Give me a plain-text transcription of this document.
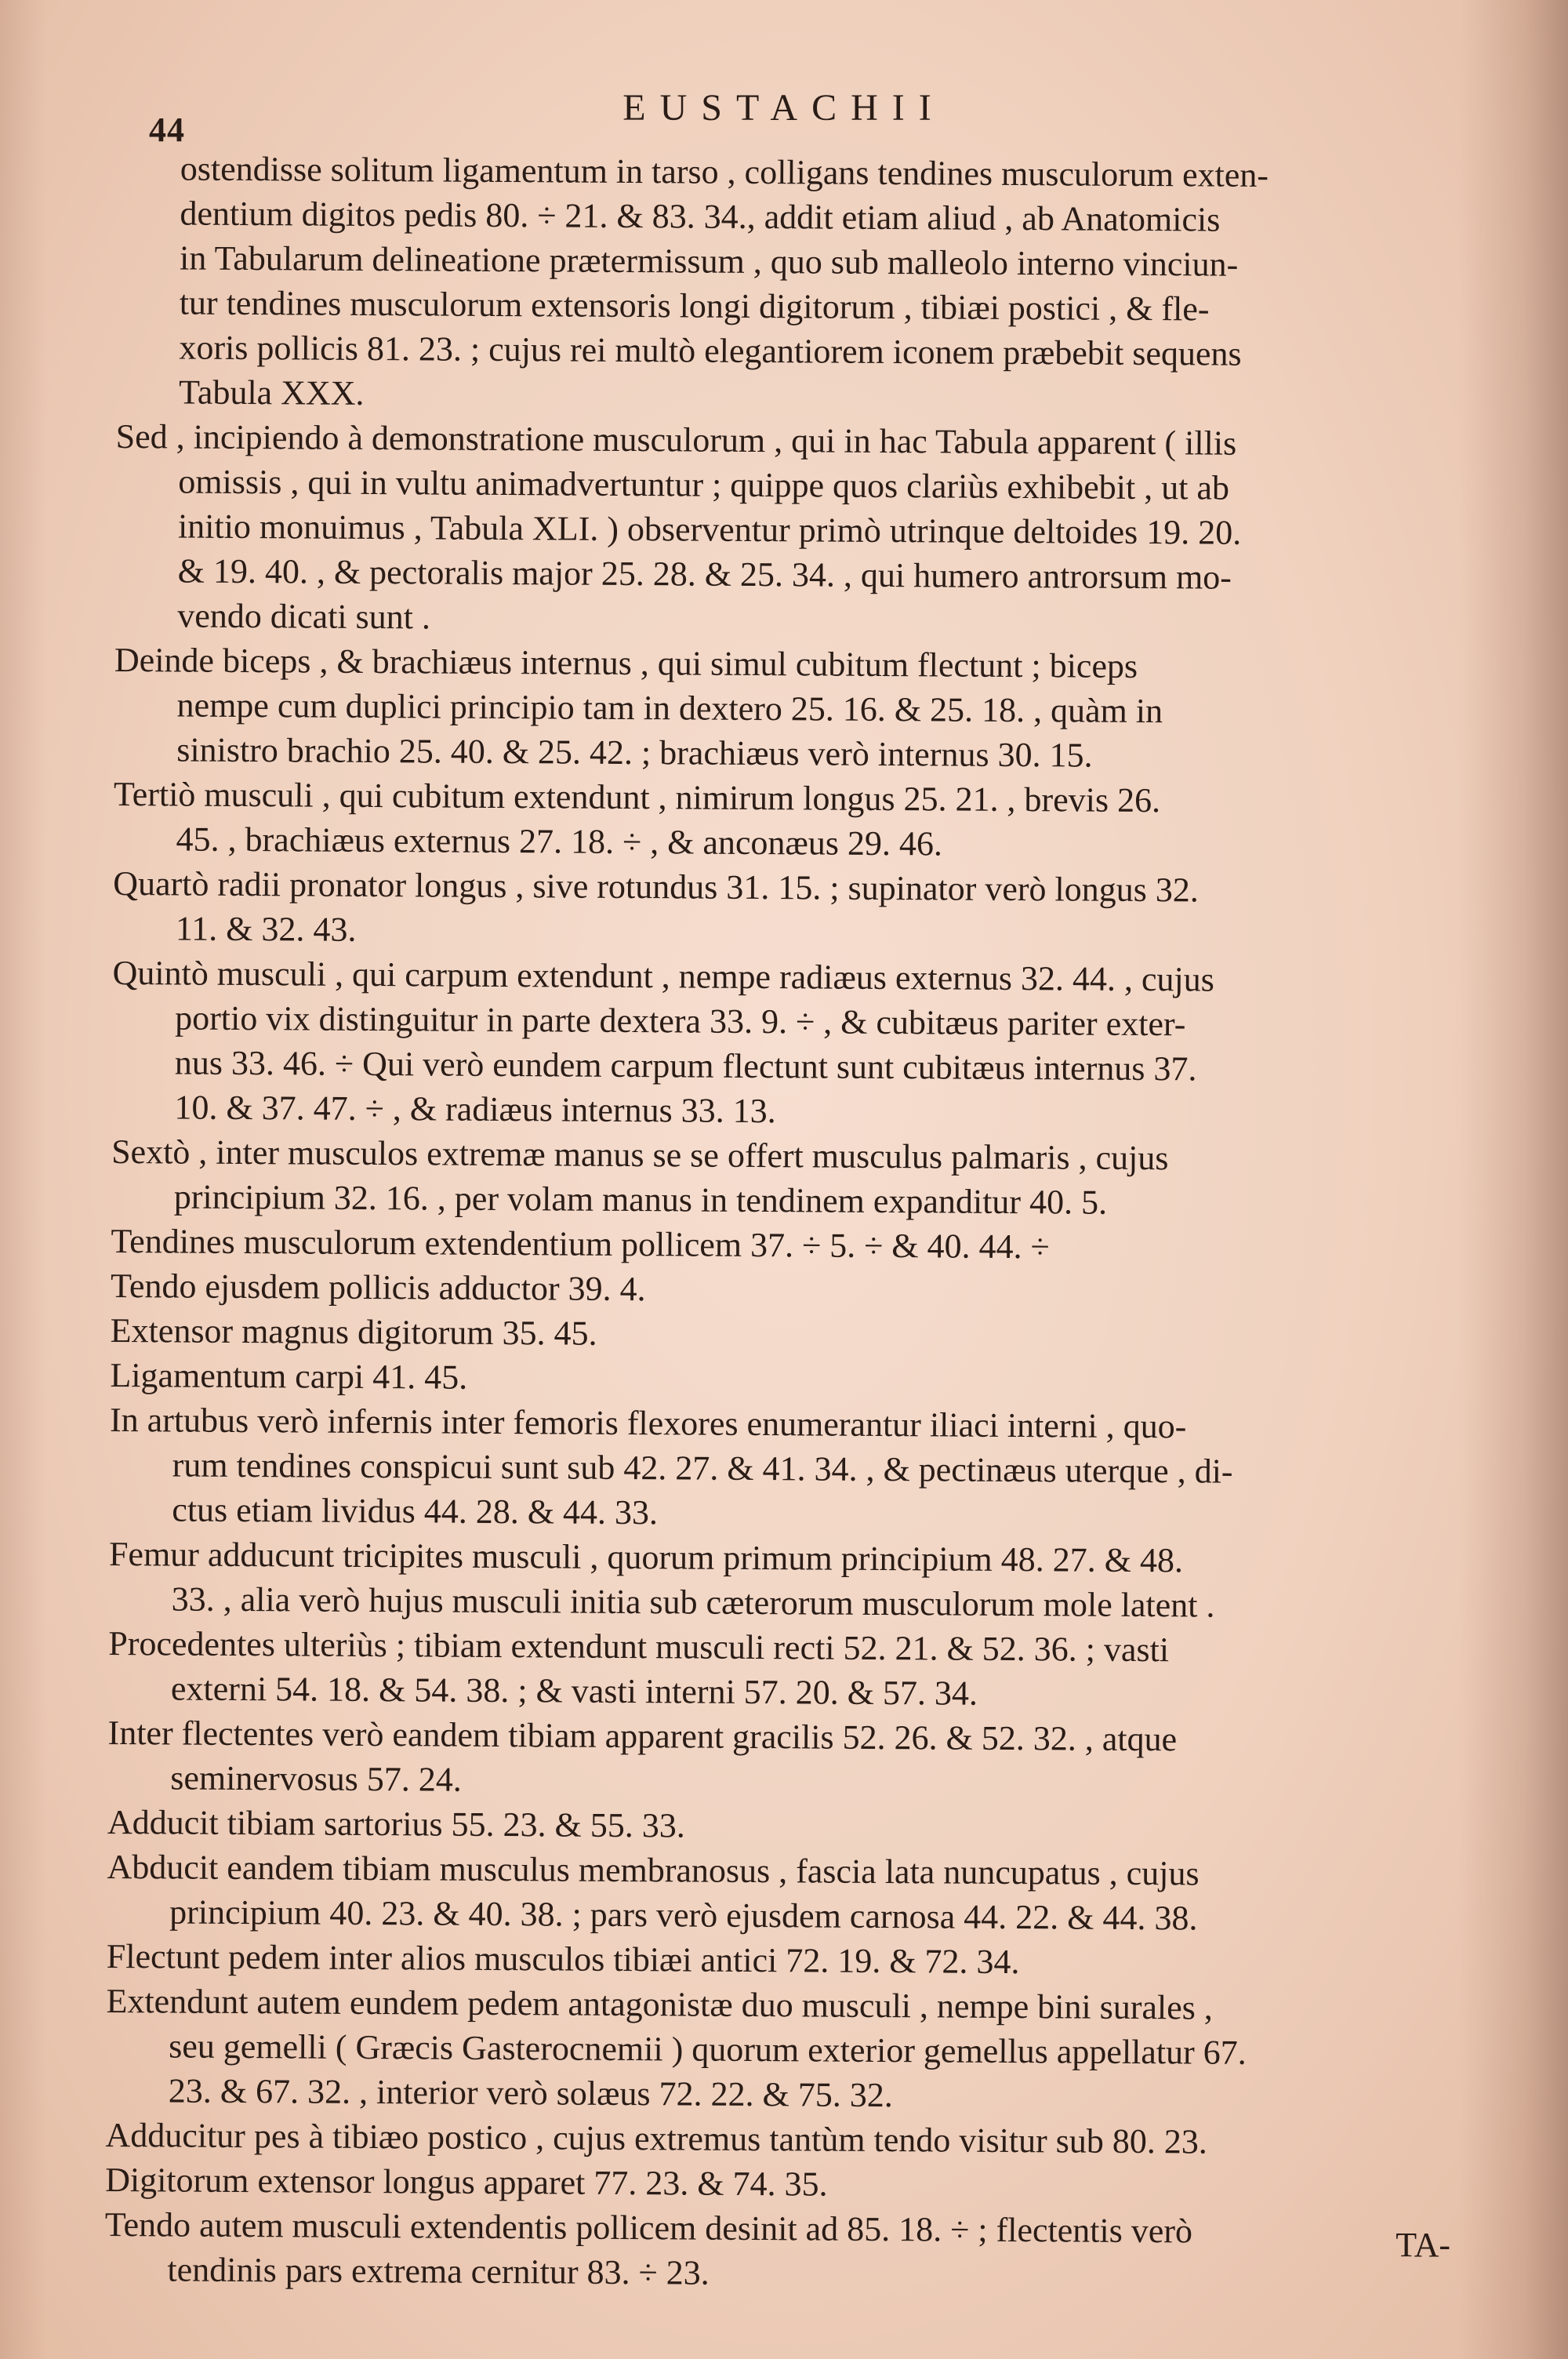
44
EUSTACHII
ostendisse solitum ligamentum in tarso , colligans tendines musculorum exten-
dentium digitos pedis 80. ÷ 21. & 83. 34., addit etiam aliud , ab Anatomicis
in Tabularum delineatione prætermissum , quo sub malleolo interno vinciun-
tur tendines musculorum extensoris longi digitorum , tibiæi postici , & fle-
xoris pollicis 81. 23. ; cujus rei multò elegantiorem iconem præbebit sequens
Tabula XXX.
Sed , incipiendo à demonstratione musculorum , qui in hac Tabula apparent ( illis
omissis , qui in vultu animadvertuntur ; quippe quos clariùs exhibebit , ut ab
initio monuimus , Tabula XLI. ) observentur primò utrinque deltoides 19. 20.
& 19. 40. , & pectoralis major 25. 28. & 25. 34. , qui humero antrorsum mo-
vendo dicati sunt .
Deinde biceps , & brachiæus internus , qui simul cubitum flectunt ; biceps
nempe cum duplici principio tam in dextero 25. 16. & 25. 18. , quàm in
sinistro brachio 25. 40. & 25. 42. ; brachiæus verò internus 30. 15.
Tertiò musculi , qui cubitum extendunt , nimirum longus 25. 21. , brevis 26.
45. , brachiæus externus 27. 18. ÷ , & anconæus 29. 46.
Quartò radii pronator longus , sive rotundus 31. 15. ; supinator verò longus 32.
11. & 32. 43.
Quintò musculi , qui carpum extendunt , nempe radiæus externus 32. 44. , cujus
portio vix distinguitur in parte dextera 33. 9. ÷ , & cubitæus pariter exter-
nus 33. 46. ÷ Qui verò eundem carpum flectunt sunt cubitæus internus 37.
10. & 37. 47. ÷ , & radiæus internus 33. 13.
Sextò , inter musculos extremæ manus se se offert musculus palmaris , cujus
principium 32. 16. , per volam manus in tendinem expanditur 40. 5.
Tendines musculorum extendentium pollicem 37. ÷ 5. ÷ & 40. 44. ÷
Tendo ejusdem pollicis adductor 39. 4.
Extensor magnus digitorum 35. 45.
Ligamentum carpi 41. 45.
In artubus verò infernis inter femoris flexores enumerantur iliaci interni , quo-
rum tendines conspicui sunt sub 42. 27. & 41. 34. , & pectinæus uterque , di-
ctus etiam lividus 44. 28. & 44. 33.
Femur adducunt tricipites musculi , quorum primum principium 48. 27. & 48.
33. , alia verò hujus musculi initia sub cæterorum musculorum mole latent .
Procedentes ulteriùs ; tibiam extendunt musculi recti 52. 21. & 52. 36. ; vasti
externi 54. 18. & 54. 38. ; & vasti interni 57. 20. & 57. 34.
Inter flectentes verò eandem tibiam apparent gracilis 52. 26. & 52. 32. , atque
seminervosus 57. 24.
Adducit tibiam sartorius 55. 23. & 55. 33.
Abducit eandem tibiam musculus membranosus , fascia lata nuncupatus , cujus
principium 40. 23. & 40. 38. ; pars verò ejusdem carnosa 44. 22. & 44. 38.
Flectunt pedem inter alios musculos tibiæi antici 72. 19. & 72. 34.
Extendunt autem eundem pedem antagonistæ duo musculi , nempe bini surales ,
seu gemelli ( Græcis Gasterocnemii ) quorum exterior gemellus appellatur 67.
23. & 67. 32. , interior verò solæus 72. 22. & 75. 32.
Adducitur pes à tibiæo postico , cujus extremus tantùm tendo visitur sub 80. 23.
Digitorum extensor longus apparet 77. 23. & 74. 35.
Tendo autem musculi extendentis pollicem desinit ad 85. 18. ÷ ; flectentis verò
tendinis pars extrema cernitur 83. ÷ 23.
TA-
